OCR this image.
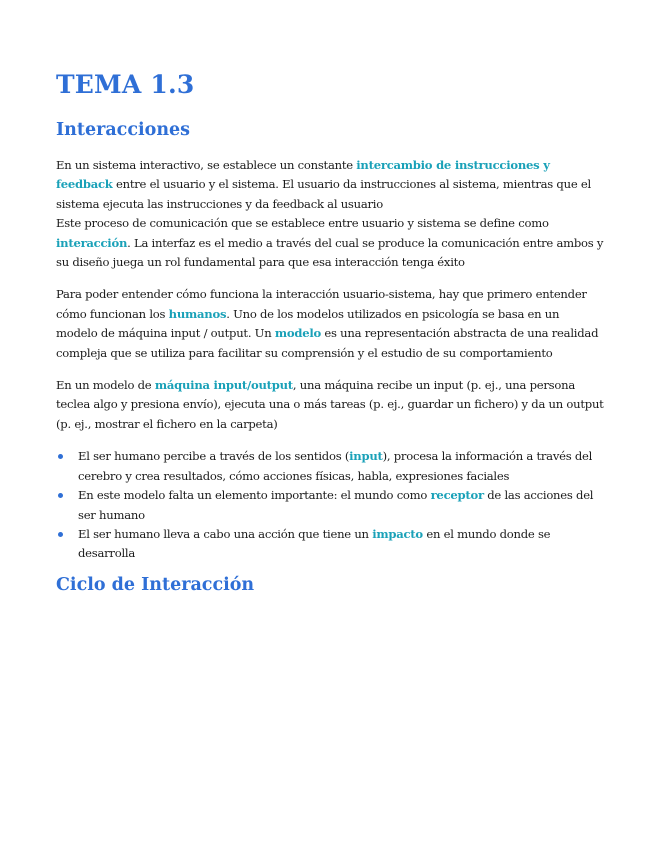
TEMA 1.3
Interacciones

En un sistema interactivo, se establece un constante intercambio de instrucciones y feedback entre el usuario y el sistema. El usuario da instrucciones al sistema, mientras que el sistema ejecuta las instrucciones y da feedback al usuario

Este proceso de comunicación que se establece entre usuario y sistema se define como interacción. La interfaz es el medio a través del cual se produce la comunicación entre ambos y su diseño juega un rol fundamental para que esa interacción tenga éxito

Para poder entender cómo funciona la interacción usuario-sistema, hay que primero entender cómo funcionan los humanos. Uno de los modelos utilizados en psicología se basa en un modelo de máquina input / output. Un modelo es una representación abstracta de una realidad compleja que se utiliza para facilitar su comprensión y el estudio de su comportamiento

En un modelo de máquina input/output, una máquina recibe un input (p. ej., una persona teclea algo y presiona envío), ejecuta una o más tareas (p. ej., guardar un fichero) y da un output (p. ej., mostrar el fichero en la carpeta)

El ser humano percibe a través de los sentidos (input), procesa la información a través del cerebro y crea resultados, cómo acciones físicas, habla, expresiones faciales
En este modelo falta un elemento importante: el mundo como receptor de las acciones del ser humano
El ser humano lleva a cabo una acción que tiene un impacto en el mundo donde se desarrolla
Ciclo de Interacción
